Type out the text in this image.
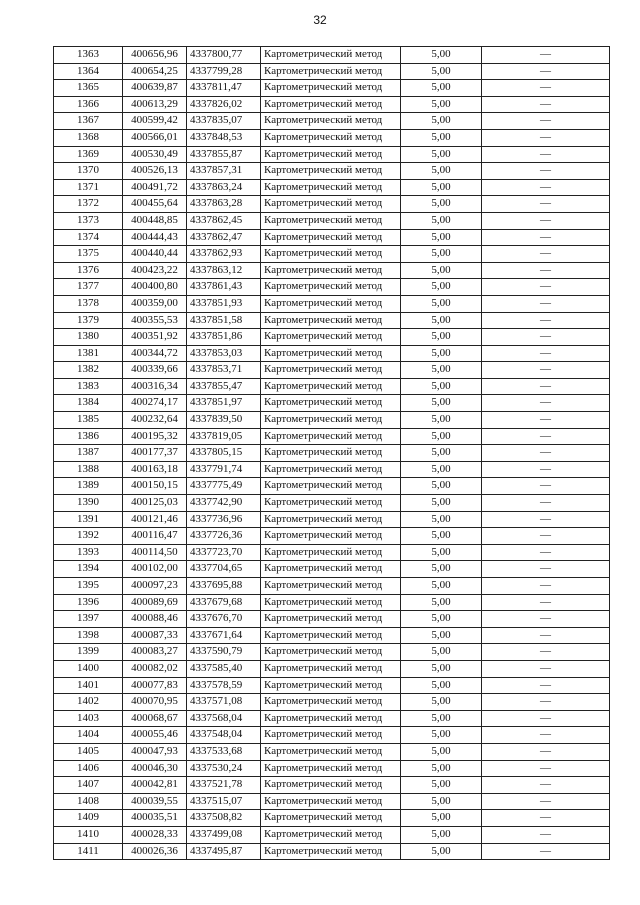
32
1363	400656,96	4337800,77	Картометрический метод	5,00	—
1364	400654,25	4337799,28	Картометрический метод	5,00	—
1365	400639,87	4337811,47	Картометрический метод	5,00	—
1366	400613,29	4337826,02	Картометрический метод	5,00	—
1367	400599,42	4337835,07	Картометрический метод	5,00	—
1368	400566,01	4337848,53	Картометрический метод	5,00	—
1369	400530,49	4337855,87	Картометрический метод	5,00	—
1370	400526,13	4337857,31	Картометрический метод	5,00	—
1371	400491,72	4337863,24	Картометрический метод	5,00	—
1372	400455,64	4337863,28	Картометрический метод	5,00	—
1373	400448,85	4337862,45	Картометрический метод	5,00	—
1374	400444,43	4337862,47	Картометрический метод	5,00	—
1375	400440,44	4337862,93	Картометрический метод	5,00	—
1376	400423,22	4337863,12	Картометрический метод	5,00	—
1377	400400,80	4337861,43	Картометрический метод	5,00	—
1378	400359,00	4337851,93	Картометрический метод	5,00	—
1379	400355,53	4337851,58	Картометрический метод	5,00	—
1380	400351,92	4337851,86	Картометрический метод	5,00	—
1381	400344,72	4337853,03	Картометрический метод	5,00	—
1382	400339,66	4337853,71	Картометрический метод	5,00	—
1383	400316,34	4337855,47	Картометрический метод	5,00	—
1384	400274,17	4337851,97	Картометрический метод	5,00	—
1385	400232,64	4337839,50	Картометрический метод	5,00	—
1386	400195,32	4337819,05	Картометрический метод	5,00	—
1387	400177,37	4337805,15	Картометрический метод	5,00	—
1388	400163,18	4337791,74	Картометрический метод	5,00	—
1389	400150,15	4337775,49	Картометрический метод	5,00	—
1390	400125,03	4337742,90	Картометрический метод	5,00	—
1391	400121,46	4337736,96	Картометрический метод	5,00	—
1392	400116,47	4337726,36	Картометрический метод	5,00	—
1393	400114,50	4337723,70	Картометрический метод	5,00	—
1394	400102,00	4337704,65	Картометрический метод	5,00	—
1395	400097,23	4337695,88	Картометрический метод	5,00	—
1396	400089,69	4337679,68	Картометрический метод	5,00	—
1397	400088,46	4337676,70	Картометрический метод	5,00	—
1398	400087,33	4337671,64	Картометрический метод	5,00	—
1399	400083,27	4337590,79	Картометрический метод	5,00	—
1400	400082,02	4337585,40	Картометрический метод	5,00	—
1401	400077,83	4337578,59	Картометрический метод	5,00	—
1402	400070,95	4337571,08	Картометрический метод	5,00	—
1403	400068,67	4337568,04	Картометрический метод	5,00	—
1404	400055,46	4337548,04	Картометрический метод	5,00	—
1405	400047,93	4337533,68	Картометрический метод	5,00	—
1406	400046,30	4337530,24	Картометрический метод	5,00	—
1407	400042,81	4337521,78	Картометрический метод	5,00	—
1408	400039,55	4337515,07	Картометрический метод	5,00	—
1409	400035,51	4337508,82	Картометрический метод	5,00	—
1410	400028,33	4337499,08	Картометрический метод	5,00	—
1411	400026,36	4337495,87	Картометрический метод	5,00	—
